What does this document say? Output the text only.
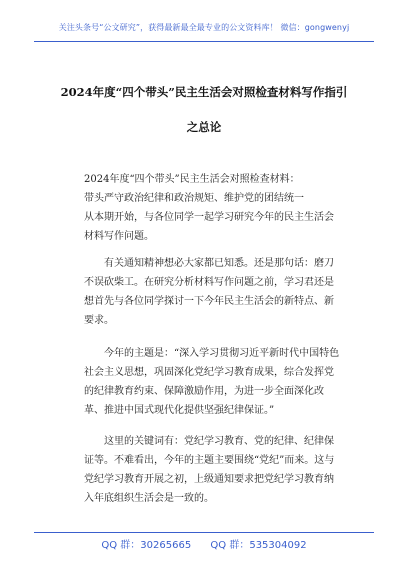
关注头条号“公文研究”，获得最新最全最专业的公文资料库！ 微信：gongwenyj
2024年度“四个带头”民主生活会对照检查材料写作指引
之总论
2024年度“四个带头”民主生活会对照检查材料：
带头严守政治纪律和政治规矩、维护党的团结统一
从本期开始，与各位同学一起学习研究今年的民主生活会材料写作问题。
有关通知精神想必大家都已知悉。还是那句话：磨刀不误砍柴工。在研究分析材料写作问题之前，学习君还是想首先与各位同学探讨一下今年民主生活会的新特点、新要求。
今年的主题是：“深入学习贯彻习近平新时代中国特色社会主义思想，巩固深化党纪学习教育成果，综合发挥党的纪律教育约束、保障激励作用，为进一步全面深化改革、推进中国式现代化提供坚强纪律保证。”
这里的关键词有：党纪学习教育、党的纪律、纪律保证等。不难看出，今年的主题主要围绕“党纪”而来。这与党纪学习教育开展之初，上级通知要求把党纪学习教育纳入年底组织生活会是一致的。
QQ 群：30265665 QQ 群：535304092
